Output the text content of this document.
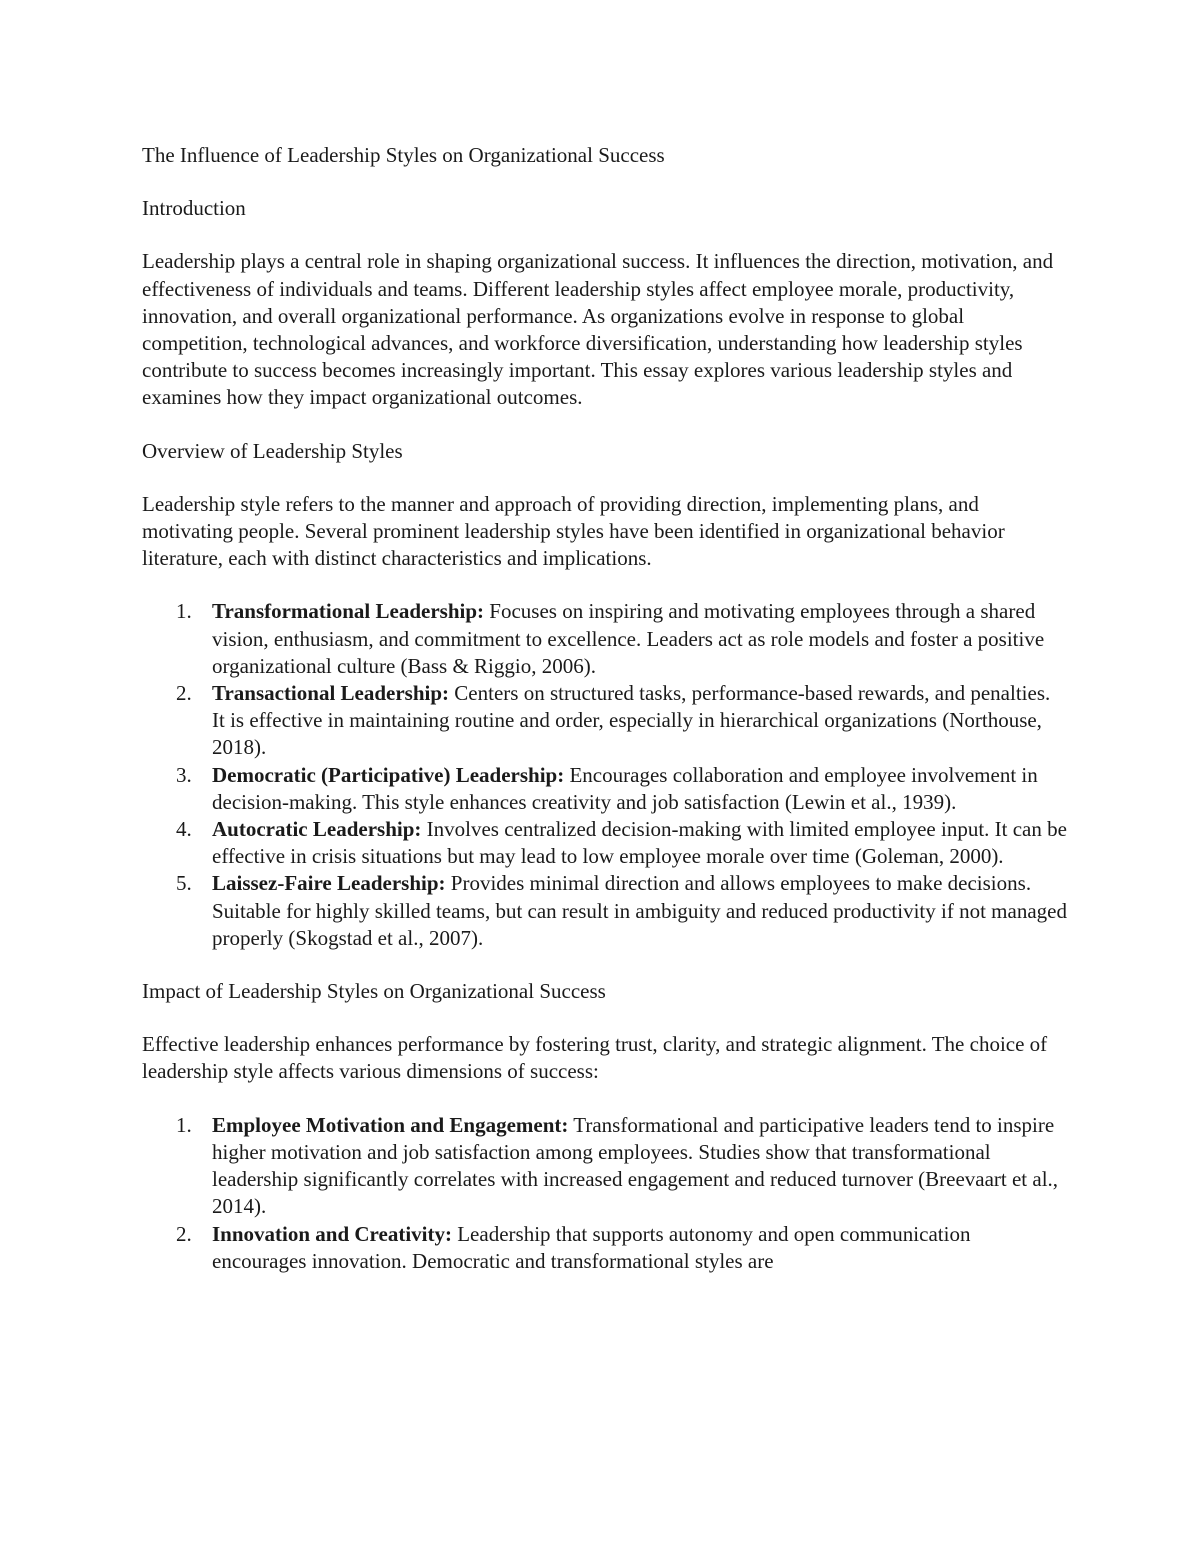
The Influence of Leadership Styles on Organizational Success

Introduction

Leadership plays a central role in shaping organizational success. It influences the direction, motivation, and effectiveness of individuals and teams. Different leadership styles affect employee morale, productivity, innovation, and overall organizational performance. As organizations evolve in response to global competition, technological advances, and workforce diversification, understanding how leadership styles contribute to success becomes increasingly important. This essay explores various leadership styles and examines how they impact organizational outcomes.

Overview of Leadership Styles

Leadership style refers to the manner and approach of providing direction, implementing plans, and motivating people. Several prominent leadership styles have been identified in organizational behavior literature, each with distinct characteristics and implications.

1. Transformational Leadership: Focuses on inspiring and motivating employees through a shared vision, enthusiasm, and commitment to excellence. Leaders act as role models and foster a positive organizational culture (Bass & Riggio, 2006).
2. Transactional Leadership: Centers on structured tasks, performance-based rewards, and penalties. It is effective in maintaining routine and order, especially in hierarchical organizations (Northouse, 2018).
3. Democratic (Participative) Leadership: Encourages collaboration and employee involvement in decision-making. This style enhances creativity and job satisfaction (Lewin et al., 1939).
4. Autocratic Leadership: Involves centralized decision-making with limited employee input. It can be effective in crisis situations but may lead to low employee morale over time (Goleman, 2000).
5. Laissez-Faire Leadership: Provides minimal direction and allows employees to make decisions. Suitable for highly skilled teams, but can result in ambiguity and reduced productivity if not managed properly (Skogstad et al., 2007).

Impact of Leadership Styles on Organizational Success

Effective leadership enhances performance by fostering trust, clarity, and strategic alignment. The choice of leadership style affects various dimensions of success:

1. Employee Motivation and Engagement: Transformational and participative leaders tend to inspire higher motivation and job satisfaction among employees. Studies show that transformational leadership significantly correlates with increased engagement and reduced turnover (Breevaart et al., 2014).
2. Innovation and Creativity: Leadership that supports autonomy and open communication encourages innovation. Democratic and transformational styles are
